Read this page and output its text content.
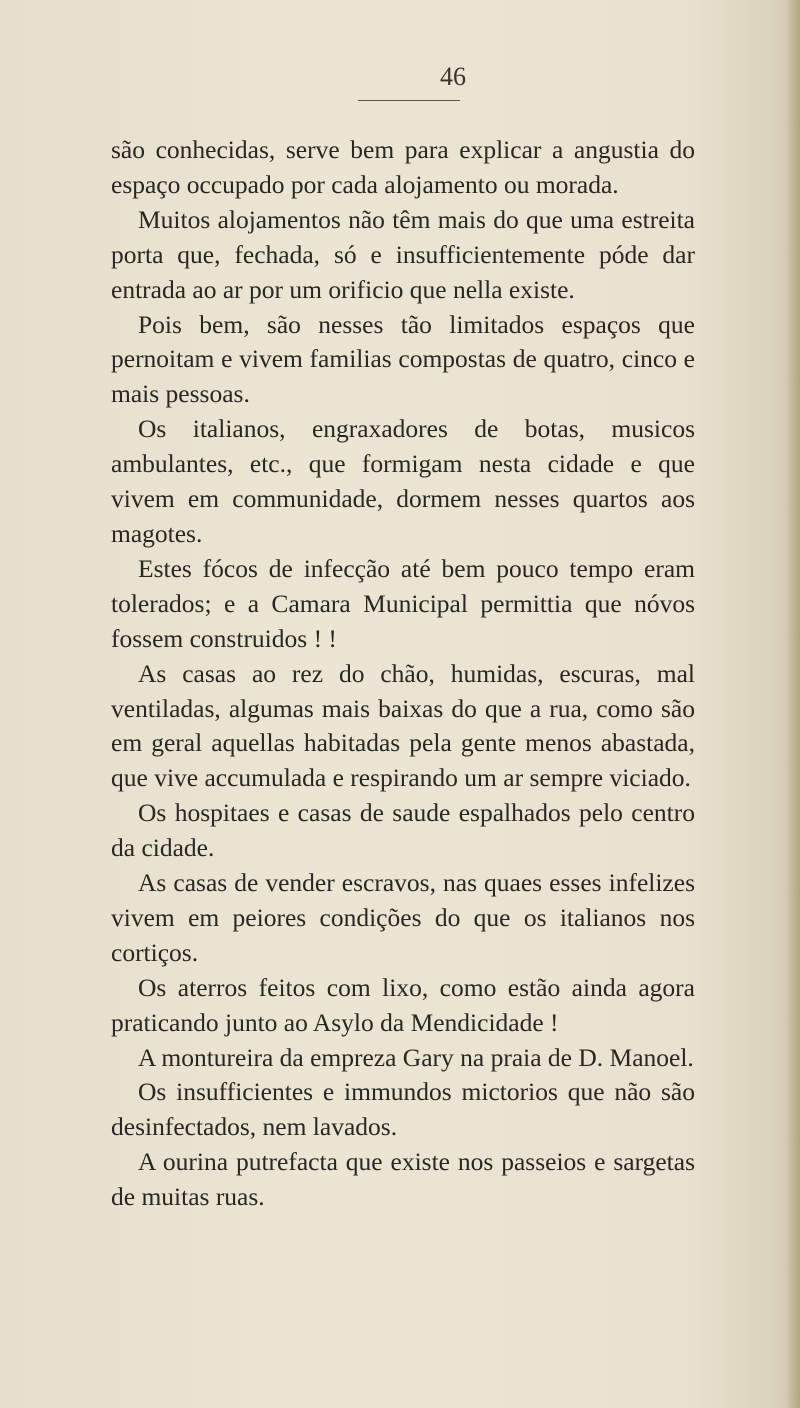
46

são conhecidas, serve bem para explicar a angustia do espaço occupado por cada alojamento ou morada.

Muitos alojamentos não têm mais do que uma estreita porta que, fechada, só e insufficientemente póde dar entrada ao ar por um orificio que nella existe.

Pois bem, são nesses tão limitados espaços que pernoitam e vivem familias compostas de quatro, cinco e mais pessoas.

Os italianos, engraxadores de botas, musicos ambulantes, etc., que formigam nesta cidade e que vivem em communidade, dormem nesses quartos aos magotes.

Estes fócos de infecção até bem pouco tempo eram tolerados; e a Camara Municipal permittia que nóvos fossem construidos ! !

As casas ao rez do chão, humidas, escuras, mal ventiladas, algumas mais baixas do que a rua, como são em geral aquellas habitadas pela gente menos abastada, que vive accumulada e respirando um ar sempre viciado.

Os hospitaes e casas de saude espalhados pelo centro da cidade.

As casas de vender escravos, nas quaes esses infelizes vivem em peiores condições do que os italianos nos cortiços.

Os aterros feitos com lixo, como estão ainda agora praticando junto ao Asylo da Mendicidade !

A montureira da empreza Gary na praia de D. Manoel.

Os insufficientes e immundos mictorios que não são desinfectados, nem lavados.

A ourina putrefacta que existe nos passeios e sargetas de muitas ruas.
